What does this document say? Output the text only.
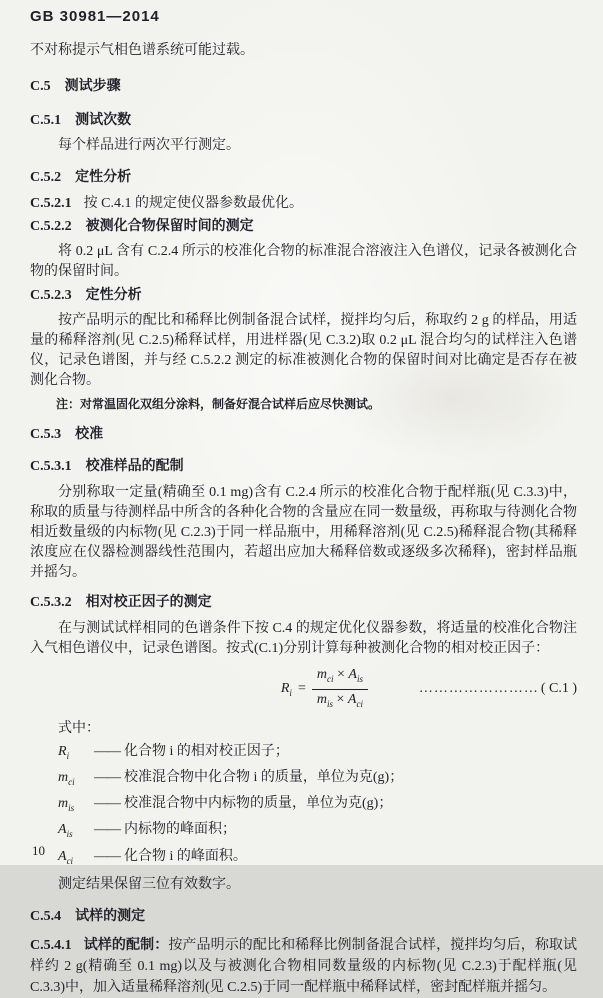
GB 30981—2014

不对称提示气相色谱系统可能过载。

C.5 测试步骤

C.5.1 测试次数

每个样品进行两次平行测定。

C.5.2 定性分析

C.5.2.1 按 C.4.1 的规定使仪器参数最优化。

C.5.2.2 被测化合物保留时间的测定

将 0.2 μL 含有 C.2.4 所示的校准化合物的标准混合溶液注入色谱仪，记录各被测化合物的保留时间。

C.5.2.3 定性分析

按产品明示的配比和稀释比例制备混合试样，搅拌均匀后，称取约 2 g 的样品，用适量的稀释溶剂(见 C.2.5)稀释试样，用进样器(见 C.3.2)取 0.2 μL 混合均匀的试样注入色谱仪，记录色谱图，并与经 C.5.2.2 测定的标准被测化合物的保留时间对比确定是否存在被测化合物。

注：对常温固化双组分涂料，制备好混合试样后应尽快测试。

C.5.3 校准

C.5.3.1 校准样品的配制

分别称取一定量(精确至 0.1 mg)含有 C.2.4 所示的校准化合物于配样瓶(见 C.3.3)中，称取的质量与待测样品中所含的各种化合物的含量应在同一数量级，再称取与待测化合物相近数量级的内标物(见 C.2.3)于同一样品瓶中，用稀释溶剂(见 C.2.5)稀释混合物(其稀释浓度应在仪器检测器线性范围内，若超出应加大稀释倍数或逐级多次稀释)，密封样品瓶并摇匀。

C.5.3.2 相对校正因子的测定

在与测试试样相同的色谱条件下按 C.4 的规定优化仪器参数，将适量的校准化合物注入气相色谱仪中，记录色谱图。按式(C.1)分别计算每种被测化合物的相对校正因子：

$R_i = \frac{m_{ci} \times A_{is}}{m_{is} \times A_{ci}}$	…………………… ( C.1 )

式中：

$R_i$	—— 化合物 i 的相对校正因子；
$m_{ci}$	—— 校准混合物中化合物 i 的质量，单位为克(g)；
$m_{is}$	—— 校准混合物中内标物的质量，单位为克(g)；
$A_{is}$	—— 内标物的峰面积；
$A_{ci}$	—— 化合物 i 的峰面积。

测定结果保留三位有效数字。

C.5.4 试样的测定

C.5.4.1 试样的配制：按产品明示的配比和稀释比例制备混合试样，搅拌均匀后，称取试样约 2 g(精确至 0.1 mg)以及与被测化合物相同数量级的内标物(见 C.2.3)于配样瓶(见 C.3.3)中，加入适量稀释溶剂(见 C.2.5)于同一配样瓶中稀释试样，密封配样瓶并摇匀。

10
